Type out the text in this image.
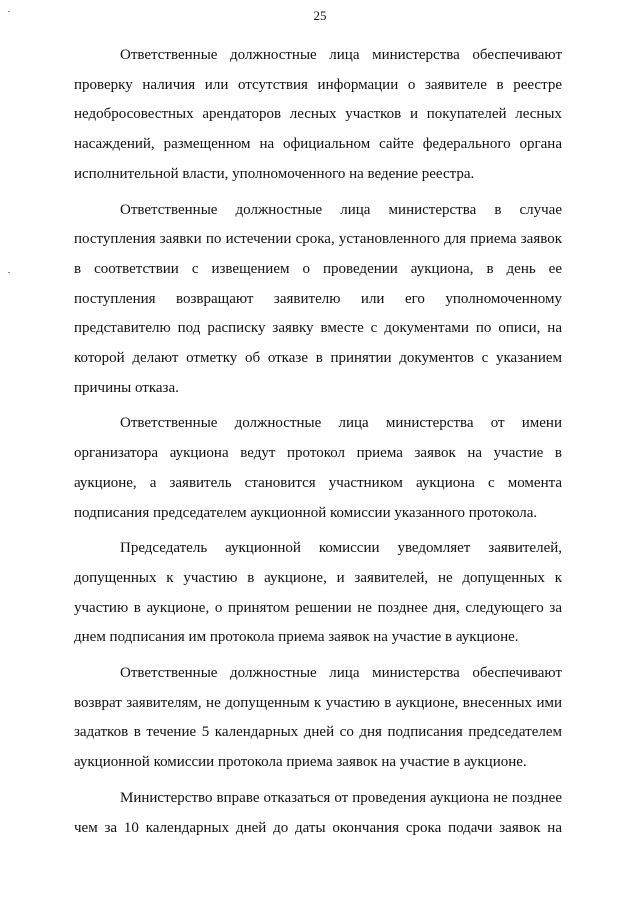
25
Ответственные должностные лица министерства обеспечивают
проверку наличия или отсутствия информации о заявителе в реестре
недобросовестных арендаторов лесных участков и покупателей лесных
насаждений, размещенном на официальном сайте федерального органа
исполнительной власти, уполномоченного на ведение реестра.
Ответственные должностные лица министерства в случае
поступления заявки по истечении срока, установленного для приема заявок
в соответствии с извещением о проведении аукциона, в день ее
поступления возвращают заявителю или его уполномоченному
представителю под расписку заявку вместе с документами по описи, на
которой делают отметку об отказе в принятии документов с указанием
причины отказа.
Ответственные должностные лица министерства от имени
организатора аукциона ведут протокол приема заявок на участие в
аукционе, а заявитель становится участником аукциона с момента
подписания председателем аукционной комиссии указанного протокола.
Председатель аукционной комиссии уведомляет заявителей,
допущенных к участию в аукционе, и заявителей, не допущенных к
участию в аукционе, о принятом решении не позднее дня, следующего за
днем подписания им протокола приема заявок на участие в аукционе.
Ответственные должностные лица министерства обеспечивают
возврат заявителям, не допущенным к участию в аукционе, внесенных ими
задатков в течение 5 календарных дней со дня подписания председателем
аукционной комиссии протокола приема заявок на участие в аукционе.
Министерство вправе отказаться от проведения аукциона не позднее
чем за 10 календарных дней до даты окончания срока подачи заявок на
